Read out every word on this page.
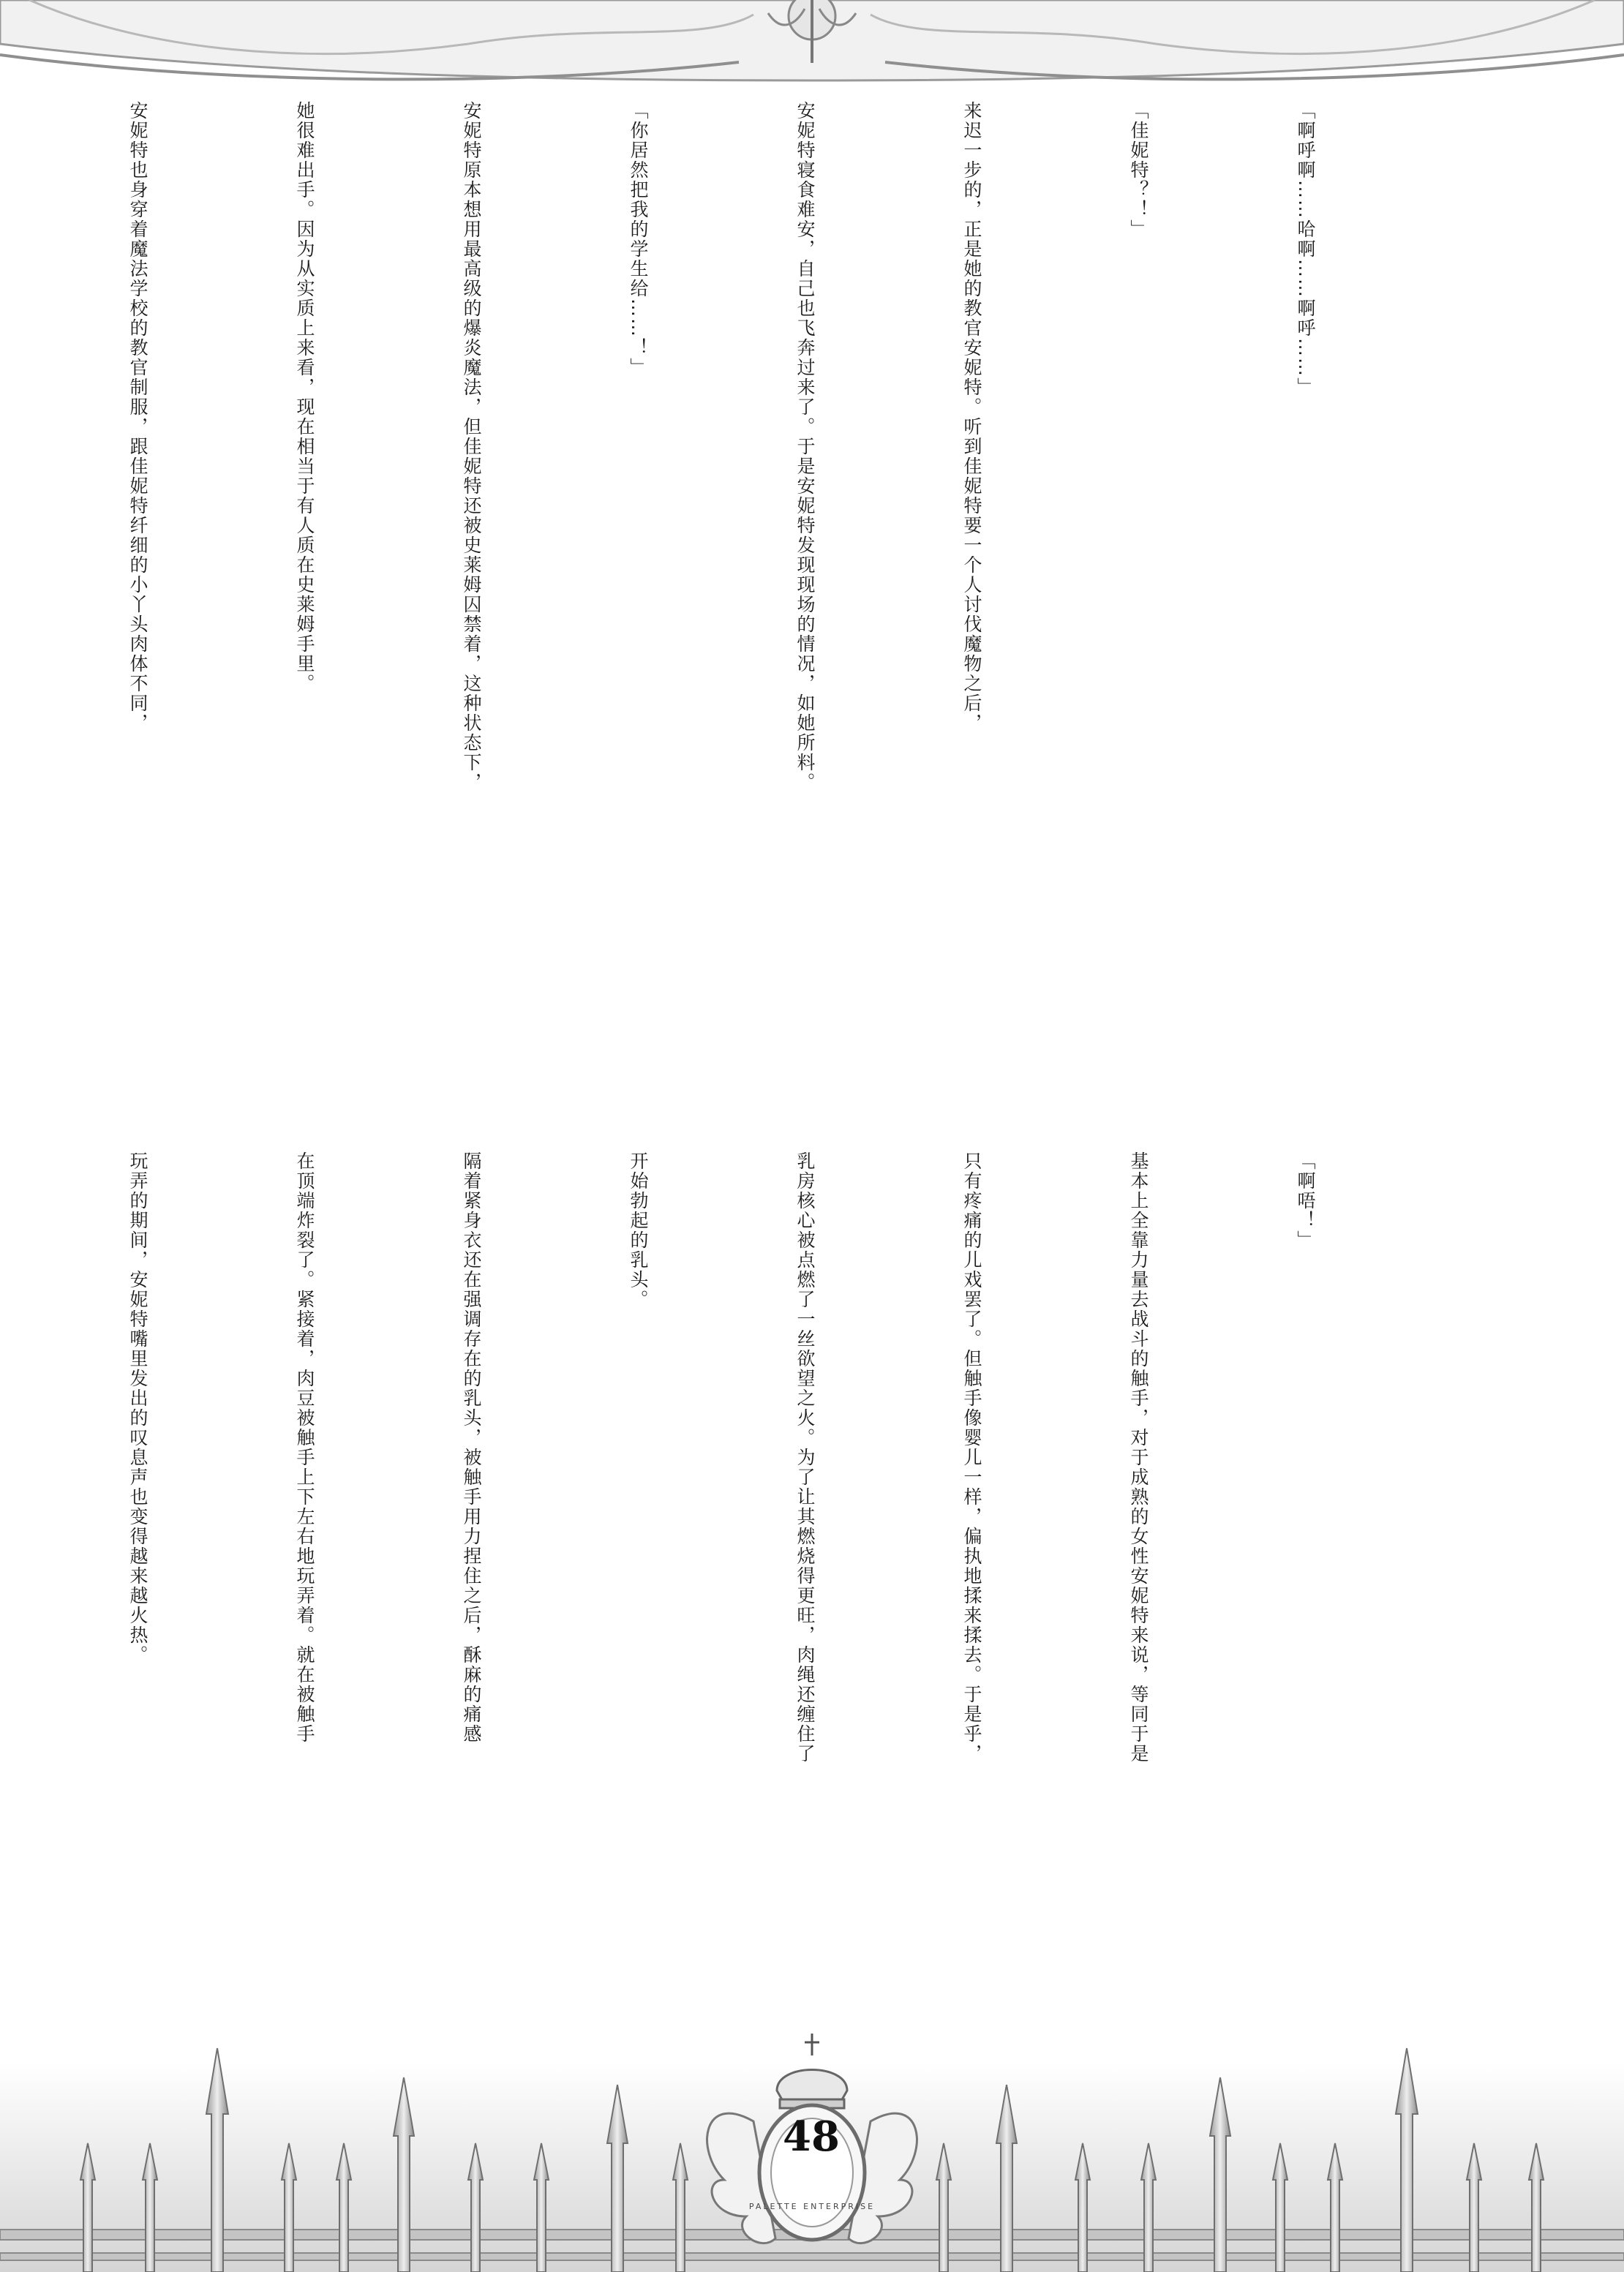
「啊呼啊……哈啊……啊呼……」

「佳妮特？！」

来迟一步的，正是她的教官安妮特。听到佳妮特要一个人讨伐魔物之后，

安妮特寝食难安，自己也飞奔过来了。于是安妮特发现现场的情况，如她所料。

「你居然把我的学生给……！」

安妮特原本想用最高级的爆炎魔法，但佳妮特还被史莱姆囚禁着，这种状态下，

她很难出手。因为从实质上来看，现在相当于有人质在史莱姆手里。

安妮特也身穿着魔法学校的教官制服，跟佳妮特纤细的小丫头肉体不同，

「啊唔！」

基本上全靠力量去战斗的触手，对于成熟的女性安妮特来说，等同于是

只有疼痛的儿戏罢了。但触手像婴儿一样，偏执地揉来揉去。于是乎，

乳房核心被点燃了一丝欲望之火。为了让其燃烧得更旺，肉绳还缠住了

开始勃起的乳头。

隔着紧身衣还在强调存在的乳头，被触手用力捏住之后，酥麻的痛感

在顶端炸裂了。紧接着，肉豆被触手上下左右地玩弄着。就在被触手

玩弄的期间，安妮特嘴里发出的叹息声也变得越来越火热。

48
PALETTE ENTERPRISE
